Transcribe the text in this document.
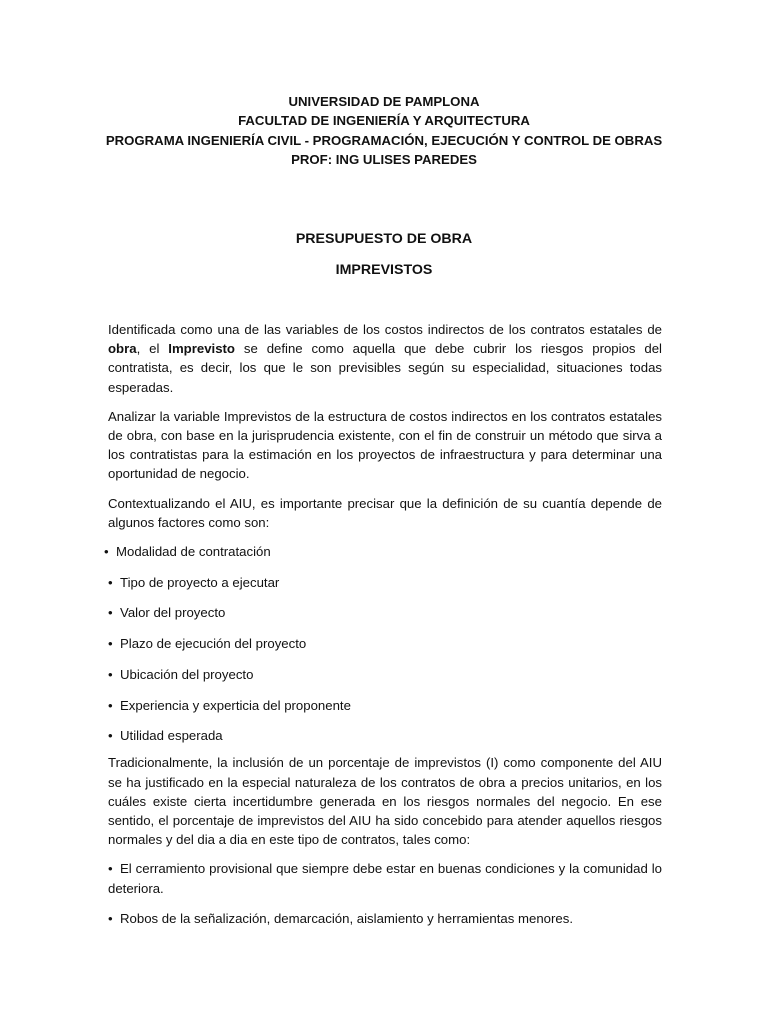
UNIVERSIDAD DE PAMPLONA
FACULTAD DE INGENIERÍA Y ARQUITECTURA
PROGRAMA INGENIERÍA CIVIL - PROGRAMACIÓN, EJECUCIÓN Y CONTROL DE OBRAS
PROF: ING ULISES PAREDES
PRESUPUESTO DE OBRA
IMPREVISTOS

Identificada como una de las variables de los costos indirectos de los contratos estatales de obra, el Imprevisto se define como aquella que debe cubrir los riesgos propios del contratista, es decir, los que le son previsibles según su especialidad, situaciones todas esperadas.

Analizar la variable Imprevistos de la estructura de costos indirectos en los contratos estatales de obra, con base en la jurisprudencia existente, con el fin de construir un método que sirva a los contratistas para la estimación en los proyectos de infraestructura y para determinar una oportunidad de negocio.

Contextualizando el AIU, es importante precisar que la definición de su cuantía depende de algunos factores como son:

• Modalidad de contratación
• Tipo de proyecto a ejecutar
• Valor del proyecto
• Plazo de ejecución del proyecto
• Ubicación del proyecto
• Experiencia y experticia del proponente
• Utilidad esperada

Tradicionalmente, la inclusión de un porcentaje de imprevistos (I) como componente del AIU se ha justificado en la especial naturaleza de los contratos de obra a precios unitarios, en los cuáles existe cierta incertidumbre generada en los riesgos normales del negocio. En ese sentido, el porcentaje de imprevistos del AIU ha sido concebido para atender aquellos riesgos normales y del dia a dia en este tipo de contratos, tales como:

• El cerramiento provisional que siempre debe estar en buenas condiciones y la comunidad lo deteriora.
• Robos de la señalización, demarcación, aislamiento y herramientas menores.
